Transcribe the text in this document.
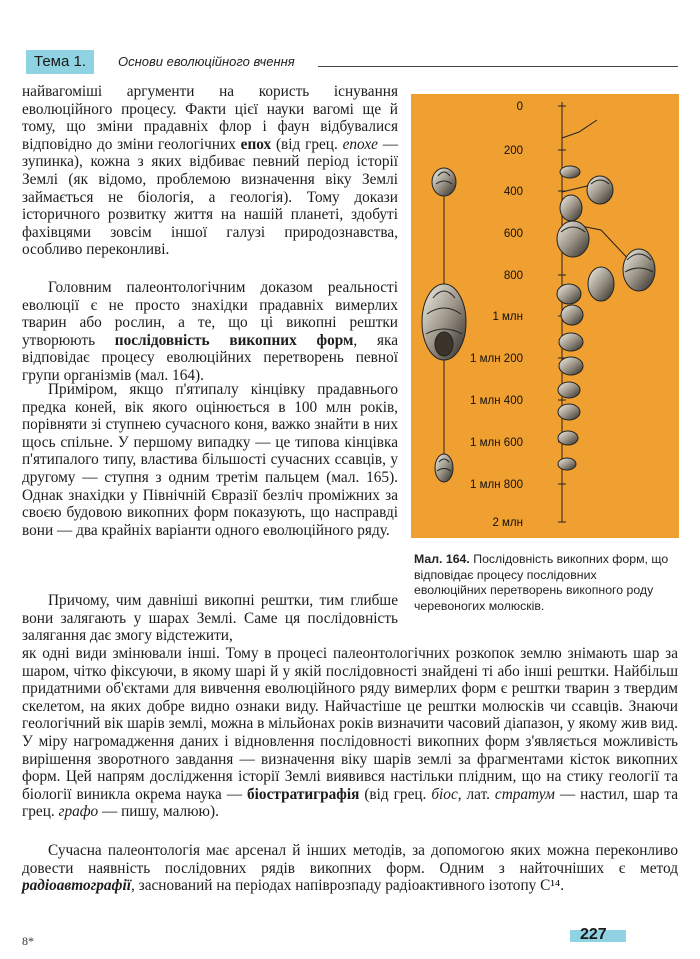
Тема 1.	Основи еволюційного вчення
найвагоміші аргументи на користь існування еволюційного процесу. Факти цієї науки вагомі ще й тому, що зміни прадавніх флор і фаун відбувалися відповідно до зміни геологічних епох (від грец. епохе — зупинка), кожна з яких відбиває певний період історії Землі (як відомо, проблемою визначення віку Землі займається не біологія, а геологія). Тому докази історичного розвитку життя на нашій планеті, здобуті фахівцями зовсім іншої галузі природознавства, особливо переконливі.
Головним палеонтологічним доказом реальності еволюції є не просто знахідки прадавніх вимерлих тварин або рослин, а те, що ці викопні рештки утворюють послідовність викопних форм, яка відповідає процесу еволюційних перетворень певної групи організмів (мал. 164).
Приміром, якщо п'ятипалу кінцівку прадавнього предка коней, вік якого оцінюється в 100 млн років, порівняти зі ступнею сучасного коня, важко знайти в них щось спільне. У першому випадку — це типова кінцівка п'ятипалого типу, властива більшості сучасних ссавців, у другому — ступня з одним третім пальцем (мал. 165). Однак знахідки у Північній Євразії безліч проміжних за своєю будовою викопних форм показують, що насправді вони — два крайніх варіанти одного еволюційного ряду.
Причому, чим давніші викопні рештки, тим глибше вони залягають у шарах Землі. Саме ця послідовність залягання дає змогу відстежити,
як одні види змінювали інші. Тому в процесі палеонтологічних розкопок землю знімають шар за шаром, чітко фіксуючи, в якому шарі й у якій послідовності знайдені ті або інші рештки. Найбільш придатними об'єктами для вивчення еволюційного ряду вимерлих форм є рештки тварин з твердим скелетом, на яких добре видно ознаки виду. Найчастіше це рештки молюсків чи ссавців. Знаючи геологічний вік шарів землі, можна в мільйонах років визначити часовий діапазон, у якому жив вид. У міру нагромадження даних і відновлення послідовності викопних форм з'являється можливість вирішення зворотного завдання — визначення віку шарів землі за фрагментами кісток викопних форм. Цей напрям дослідження історії Землі виявився настільки плідним, що на стику геології та біології виникла окрема наука — біостратиграфія (від грец. біос, лат. стратум — настил, шар та грец. графо — пишу, малюю).
Сучасна палеонтологія має арсенал й інших методів, за допомогою яких можна переконливо довести наявність послідовних рядів викопних форм. Одним з найточніших є метод радіоавтографії, заснований на періодах напіврозпаду радіоактивного ізотопу C¹⁴.
0
200
400
600
800
1 млн
1 млн 200
1 млн 400
1 млн 600
1 млн 800
2 млн
Мал. 164. Послідовність викопних форм, що відповідає процесу послідовних еволюційних перетворень викопного роду черевоногих молюсків.
8*	227
